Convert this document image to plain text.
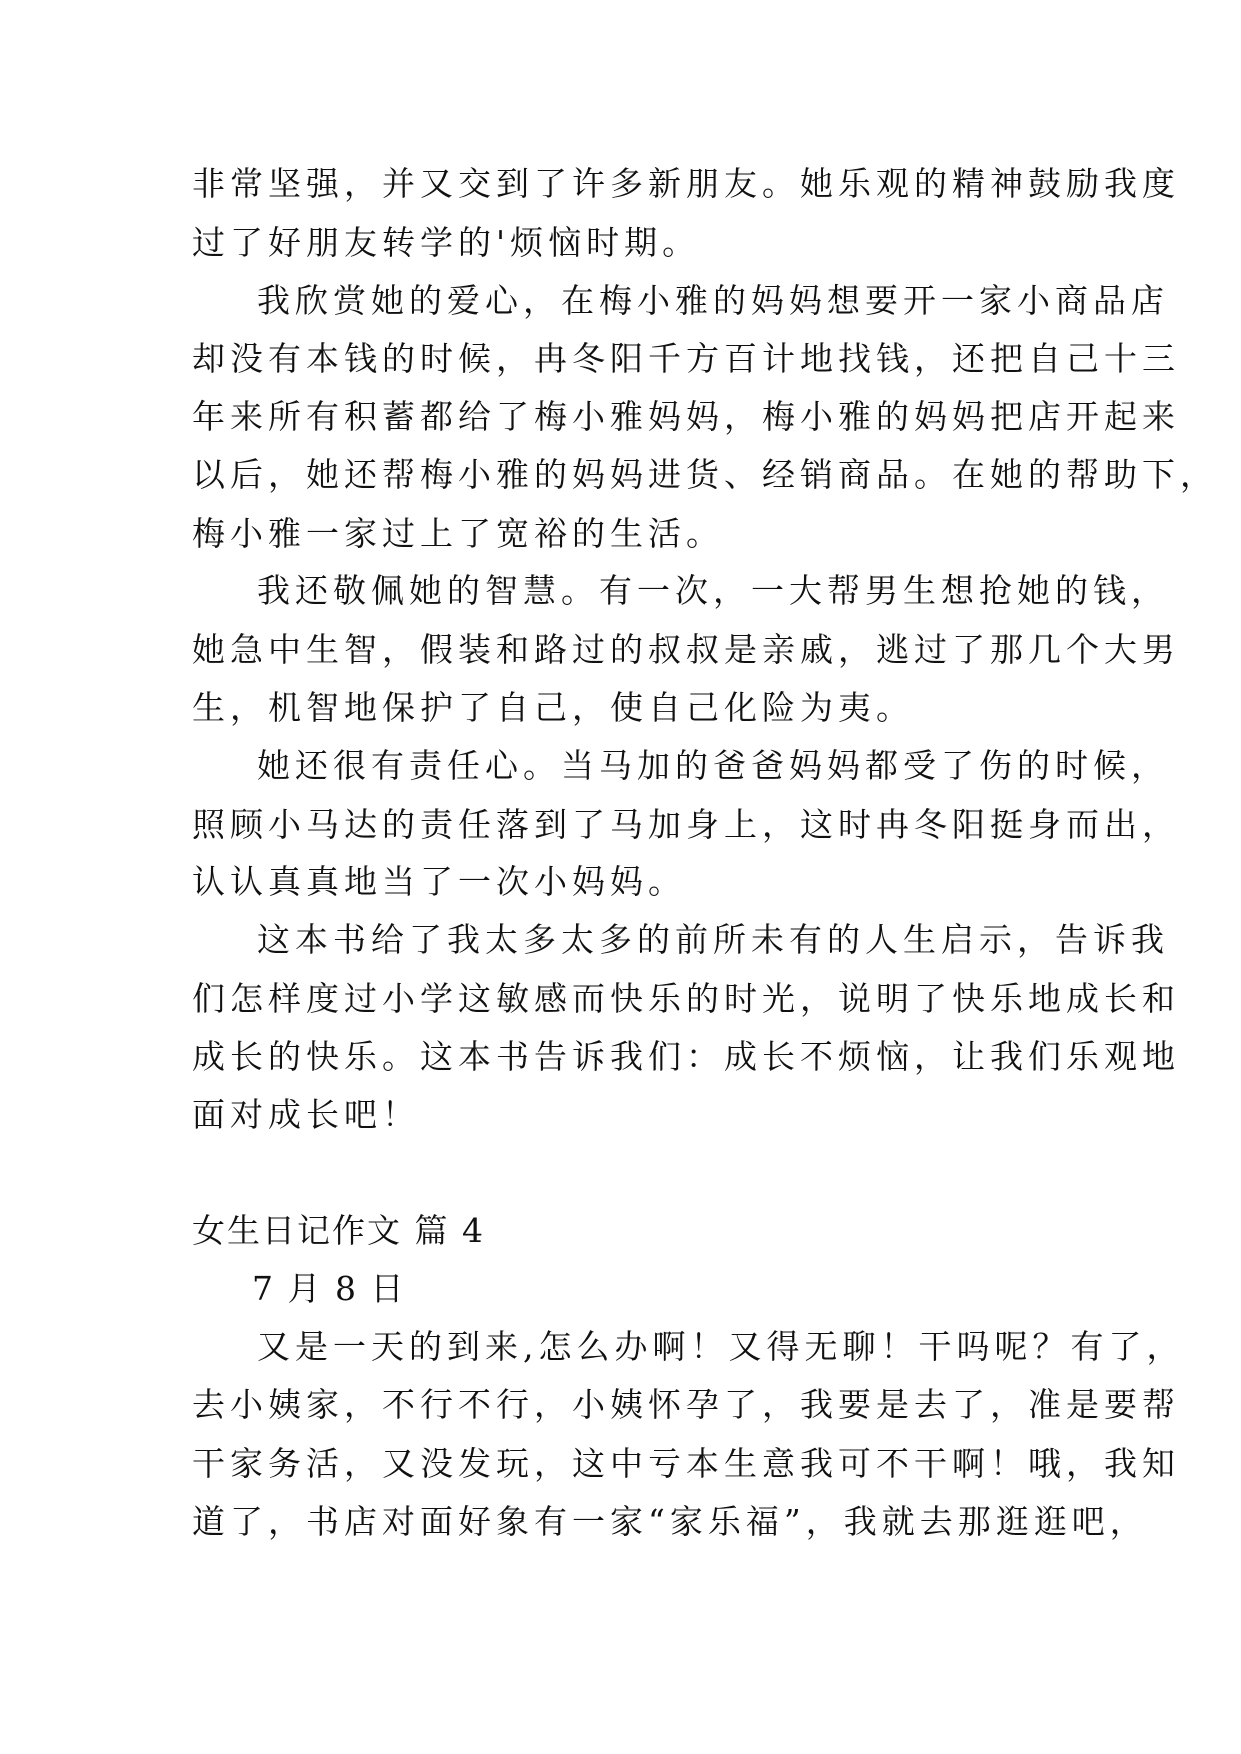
非常坚强，并又交到了许多新朋友。她乐观的精神鼓励我度
过了好朋友转学的'烦恼时期。
我欣赏她的爱心，在梅小雅的妈妈想要开一家小商品店
却没有本钱的时候，冉冬阳千方百计地找钱，还把自己十三
年来所有积蓄都给了梅小雅妈妈，梅小雅的妈妈把店开起来
以后，她还帮梅小雅的妈妈进货、经销商品。在她的帮助下，
梅小雅一家过上了宽裕的生活。
我还敬佩她的智慧。有一次，一大帮男生想抢她的钱，
她急中生智，假装和路过的叔叔是亲戚，逃过了那几个大男
生，机智地保护了自己，使自己化险为夷。
她还很有责任心。当马加的爸爸妈妈都受了伤的时候，
照顾小马达的责任落到了马加身上，这时冉冬阳挺身而出，
认认真真地当了一次小妈妈。
这本书给了我太多太多的前所未有的人生启示，告诉我
们怎样度过小学这敏感而快乐的时光，说明了快乐地成长和
成长的快乐。这本书告诉我们：成长不烦恼，让我们乐观地
面对成长吧！
女生日记作文 篇 4
7 月 8 日
又是一天的到来,怎么办啊！又得无聊！干吗呢？有了，
去小姨家，不行不行，小姨怀孕了，我要是去了，准是要帮
干家务活，又没发玩，这中亏本生意我可不干啊！哦，我知
道了，书店对面好象有一家“家乐福”，我就去那逛逛吧，
